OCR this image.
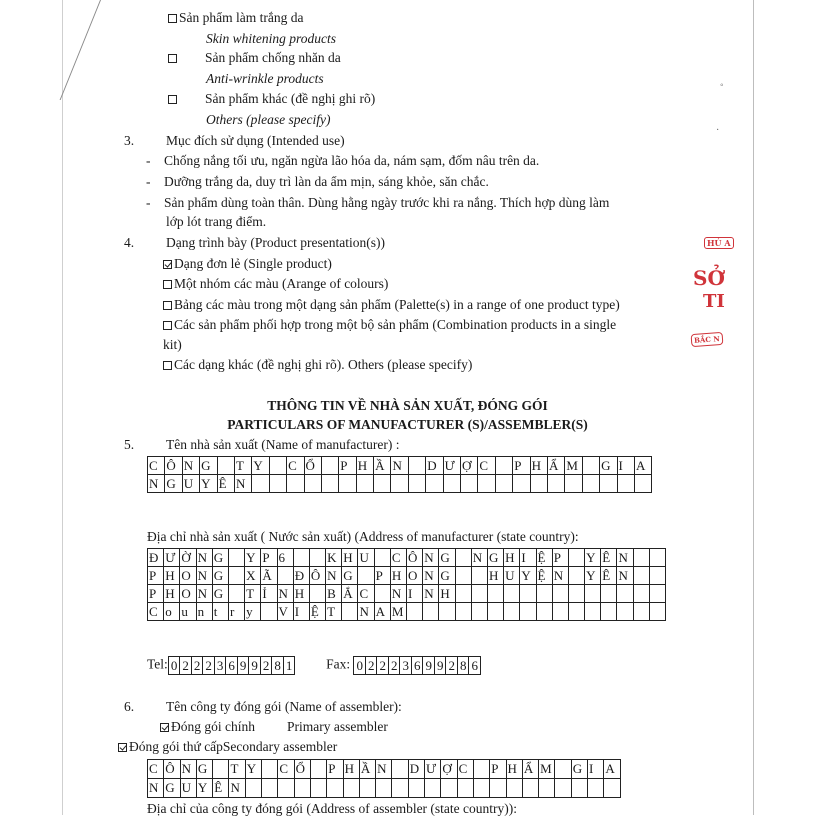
Sản phẩm làm trắng da
Skin whitening products
Sản phẩm chống nhăn da
Anti-wrinkle products
Sản phẩm khác (đề nghị ghi rõ)
Others (please specify)
3. Mục đích sử dụng (Intended use)
-    Chống nắng tối ưu, ngăn ngừa lão hóa da, nám sạm, đốm nâu trên da.
-    Dưỡng trắng da, duy trì làn da ẩm mịn, sáng khỏe, săn chắc.
-    Sản phẩm dùng toàn thân. Dùng hằng ngày trước khi ra nắng. Thích hợp dùng làm
lớp lót trang điểm.
4. Dạng trình bày (Product presentation(s))
Dạng đơn lẻ (Single product)
Một nhóm các màu (Arange of colours)
Bảng các màu trong một dạng sản phẩm (Palette(s) in a range of one product type)
Các sản phẩm phối hợp trong một bộ sản phẩm (Combination products in a single
kit)
Các dạng khác (đề nghị ghi rõ). Others (please specify)
THÔNG TIN VỀ NHÀ SẢN XUẤT, ĐÓNG GÓI
PARTICULARS OF MANUFACTURER (S)/ASSEMBLER(S)
5. Tên nhà sản xuất (Name of manufacturer) :
C	Ô	N	G		T	Y		C	Ổ		P	H	Ầ	N		D	Ư	Ợ	C		P	H	Ẩ	M		G	I	A
N	G	U	Y	Ê	N																							
Địa chỉ nhà sản xuất ( Nước sản xuất) (Address of manufacturer (state country):
Đ	Ư	Ờ	N	G		Y	P	6			K	H	U		C	Ô	N	G		N	G	H	I	Ệ	P		Y	Ê	N		
P	H	O	N	G		X	Ã		Đ	Ô	N	G		P	H	O	N	G			H	U	Y	Ệ	N		Y	Ê	N		
P	H	O	N	G		T	Ỉ	N	H		B	Ắ	C		N	I	N	H													
C	o	u	n	t	r	y		V	I	Ệ	T		N	A	M																
Tel: 0 2 2 2 3 6 9 9 2 8 1	Fax: 0 2 2 2 3 6 9 9 2 8 6
6. Tên công ty đóng gói (Name of assembler):
Đóng gói chính Primary assembler
Đóng gói thứ cấpSecondary assembler
C	Ô	N	G		T	Y		C	Ổ		P	H	Ầ	N		D	Ư	Ợ	C		P	H	Ẩ	M		G	I	A
N	G	U	Y	Ê	N																							
Địa chỉ của công ty đóng gói (Address of assembler (state country)):
HỦ A
SỞ
TI
BẮC N
◦
·
